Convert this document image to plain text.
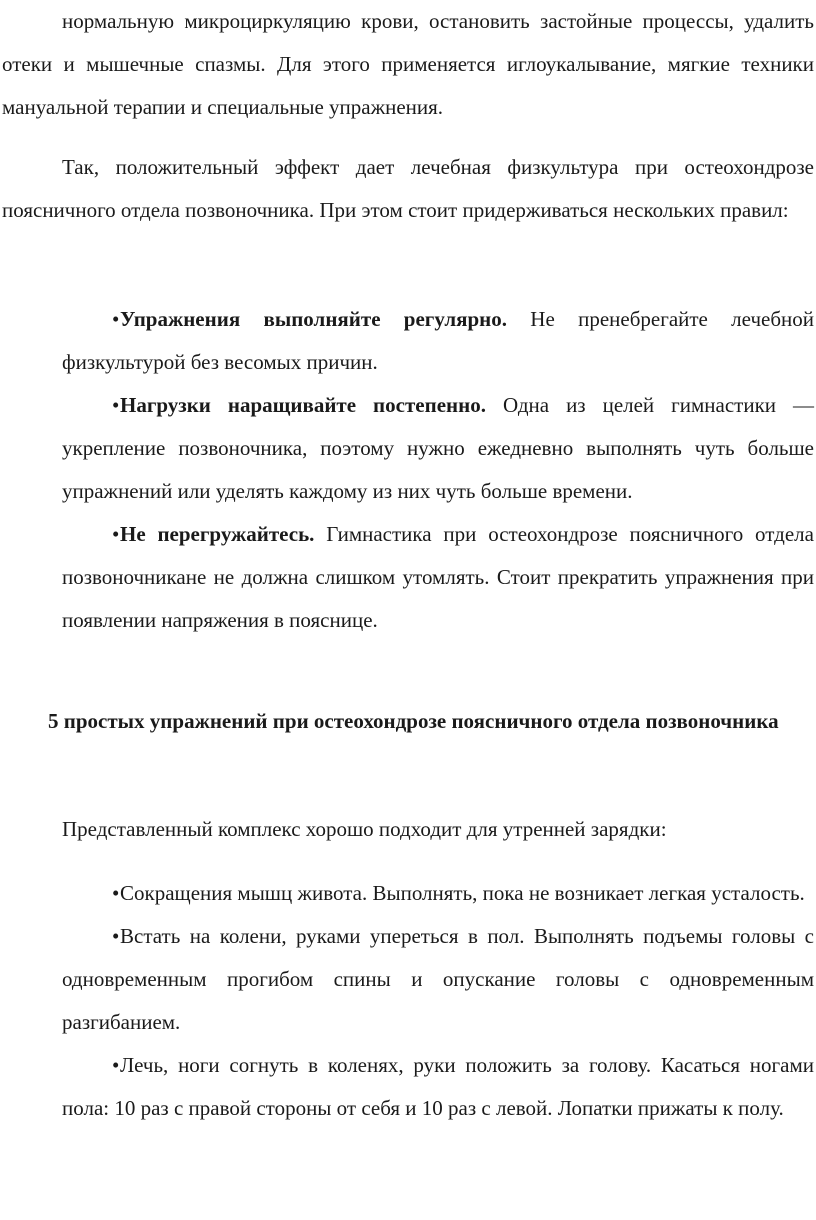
нормальную микроциркуляцию крови, остановить застойные процессы, удалить отеки и мышечные спазмы. Для этого применяется иглоукалывание, мягкие техники мануальной терапии и специальные упражнения.

Так, положительный эффект дает лечебная физкультура при остеохондрозе поясничного отдела позвоночника. При этом стоит придерживаться нескольких правил:

•Упражнения выполняйте регулярно. Не пренебрегайте лечебной физкультурой без весомых причин.

•Нагрузки наращивайте постепенно. Одна из целей гимнастики — укрепление позвоночника, поэтому нужно ежедневно выполнять чуть больше упражнений или уделять каждому из них чуть больше времени.

•Не перегружайтесь. Гимнастика при остеохондрозе поясничного отдела позвоночникане не должна слишком утомлять. Стоит прекратить упражнения при появлении напряжения в пояснице.

5 простых упражнений при остеохондрозе поясничного отдела позвоночника

Представленный комплекс хорошо подходит для утренней зарядки:

•Сокращения мышц живота. Выполнять, пока не возникает легкая усталость.

•Встать на колени, руками упереться в пол. Выполнять подъемы головы с одновременным прогибом спины и опускание головы с одновременным разгибанием.

•Лечь, ноги согнуть в коленях, руки положить за голову. Касаться ногами пола: 10 раз с правой стороны от себя и 10 раз с левой. Лопатки прижаты к полу.
